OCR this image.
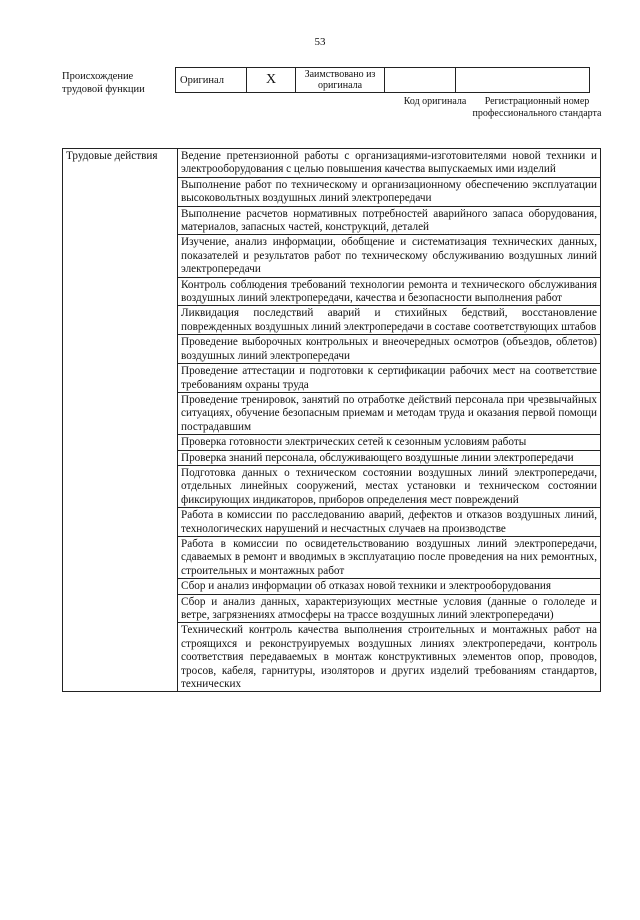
53
Происхождение трудовой функции
Оригинал	X	Заимствовано из оригинала		
Код оригинала	Регистрационный номер профессионального стандарта
Трудовые действия	Ведение претензионной работы с организациями-изготовителями новой техники и электрооборудования с целью повышения качества выпускаемых ими изделий
Выполнение работ по техническому и организационному обеспечению эксплуатации высоковольтных воздушных линий электропередачи
Выполнение расчетов нормативных потребностей аварийного запаса оборудования, материалов, запасных частей, конструкций, деталей
Изучение, анализ информации, обобщение и систематизация технических данных, показателей и результатов работ по техническому обслуживанию воздушных линий электропередачи
Контроль соблюдения требований технологии ремонта и технического обслуживания воздушных линий электропередачи, качества и безопасности выполнения работ
Ликвидация последствий аварий и стихийных бедствий, восстановление поврежденных воздушных линий электропередачи в составе соответствующих штабов
Проведение выборочных контрольных и внеочередных осмотров (объездов, облетов) воздушных линий электропередачи
Проведение аттестации и подготовки к сертификации рабочих мест на соответствие требованиям охраны труда
Проведение тренировок, занятий по отработке действий персонала при чрезвычайных ситуациях, обучение безопасным приемам и методам труда и оказания первой помощи пострадавшим
Проверка готовности электрических сетей к сезонным условиям работы
Проверка знаний персонала, обслуживающего воздушные линии электропередачи
Подготовка данных о техническом состоянии воздушных линий электропередачи, отдельных линейных сооружений, местах установки и техническом состоянии фиксирующих индикаторов, приборов определения мест повреждений
Работа в комиссии по расследованию аварий, дефектов и отказов воздушных линий, технологических нарушений и несчастных случаев на производстве
Работа в комиссии по освидетельствованию воздушных линий электропередачи, сдаваемых в ремонт и вводимых в эксплуатацию после проведения на них ремонтных, строительных и монтажных работ
Сбор и анализ информации об отказах новой техники и электрооборудования
Сбор и анализ данных, характеризующих местные условия (данные о гололеде и ветре, загрязнениях атмосферы на трассе воздушных линий электропередачи)
Технический контроль качества выполнения строительных и монтажных работ на строящихся и реконструируемых воздушных линиях электропередачи, контроль соответствия передаваемых в монтаж конструктивных элементов опор, проводов, тросов, кабеля, гарнитуры, изоляторов и других изделий требованиям стандартов, технических
